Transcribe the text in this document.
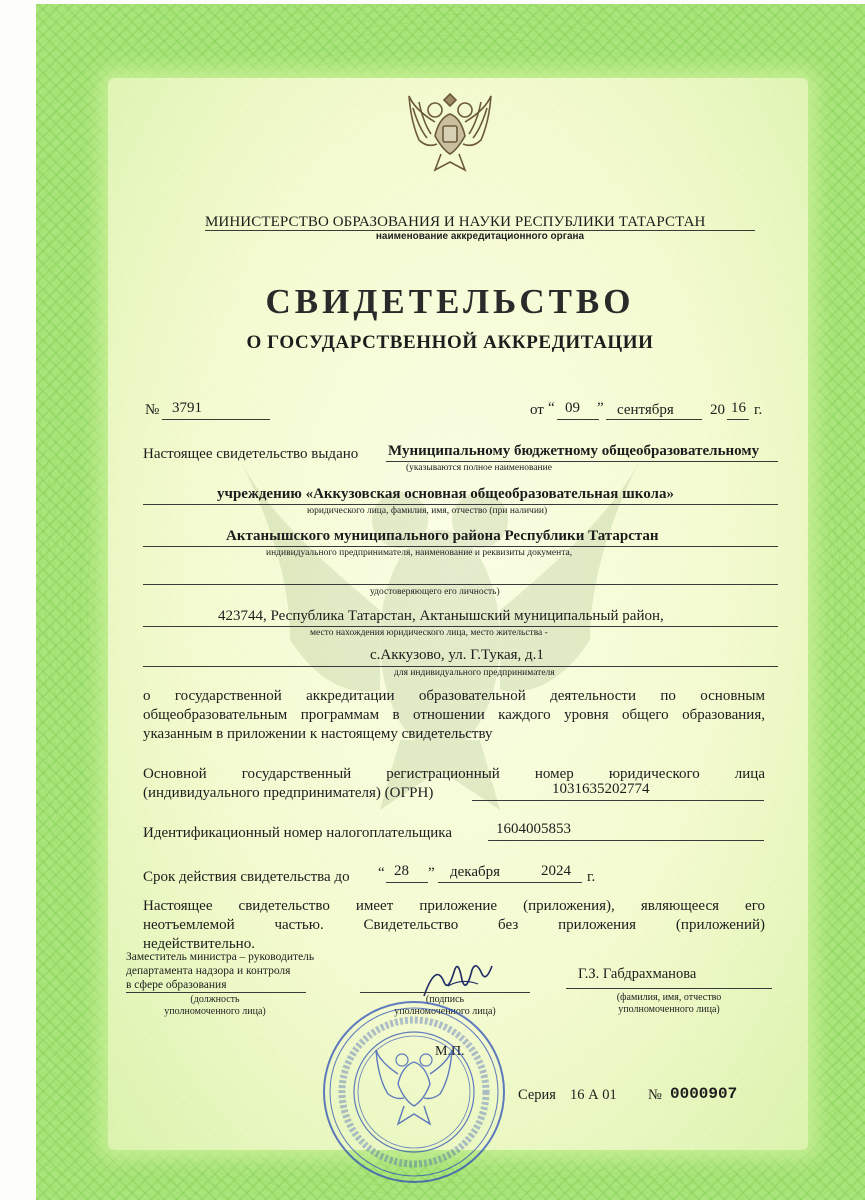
МИНИСТЕРСТВО ОБРАЗОВАНИЯ И НАУКИ РЕСПУБЛИКИ ТАТАРСТАН
наименование аккредитационного органа
СВИДЕТЕЛЬСТВО
О ГОСУДАРСТВЕННОЙ АККРЕДИТАЦИИ
№ 3791	от “ 09 ” сентября 20 16 г.
Настоящее свидетельство выдано Муниципальному бюджетному общеобразовательному
(указываются полное наименование
учреждению «Аккузовская основная общеобразовательная школа»
юридического лица, фамилия, имя, отчество (при наличии)
Актанышского муниципального района Республики Татарстан
индивидуального предпринимателя, наименование и реквизиты документа,
удостоверяющего его личность)
423744, Республика Татарстан, Актанышский муниципальный район,
место нахождения юридического лица, место жительства -
с.Аккузово, ул. Г.Тукая, д.1
для индивидуального предпринимателя
о государственной аккредитации образовательной деятельности по основным
общеобразовательным программам в отношении каждого уровня общего образования,
указанным в приложении к настоящему свидетельству
Основной государственный регистрационный номер юридического лица
(индивидуального предпринимателя) (ОГРН)	1031635202774
Идентификационный номер налогоплательщика	1604005853
Срок действия свидетельства до “ 28 ” декабря	2024 г.
Настоящее свидетельство имеет приложение (приложения), являющееся его
неотъемлемой частью. Свидетельство без приложения (приложений)
недействительно.
Заместитель министра – руководитель
департамента надзора и контроля
в сфере образования
(должность
уполномоченного лица)
(подпись
уполномоченного лица)
Г.З. Габдрахманова
(фамилия, имя, отчество
уполномоченного лица)
М.П.
Серия 16 А 01 № 0000907
